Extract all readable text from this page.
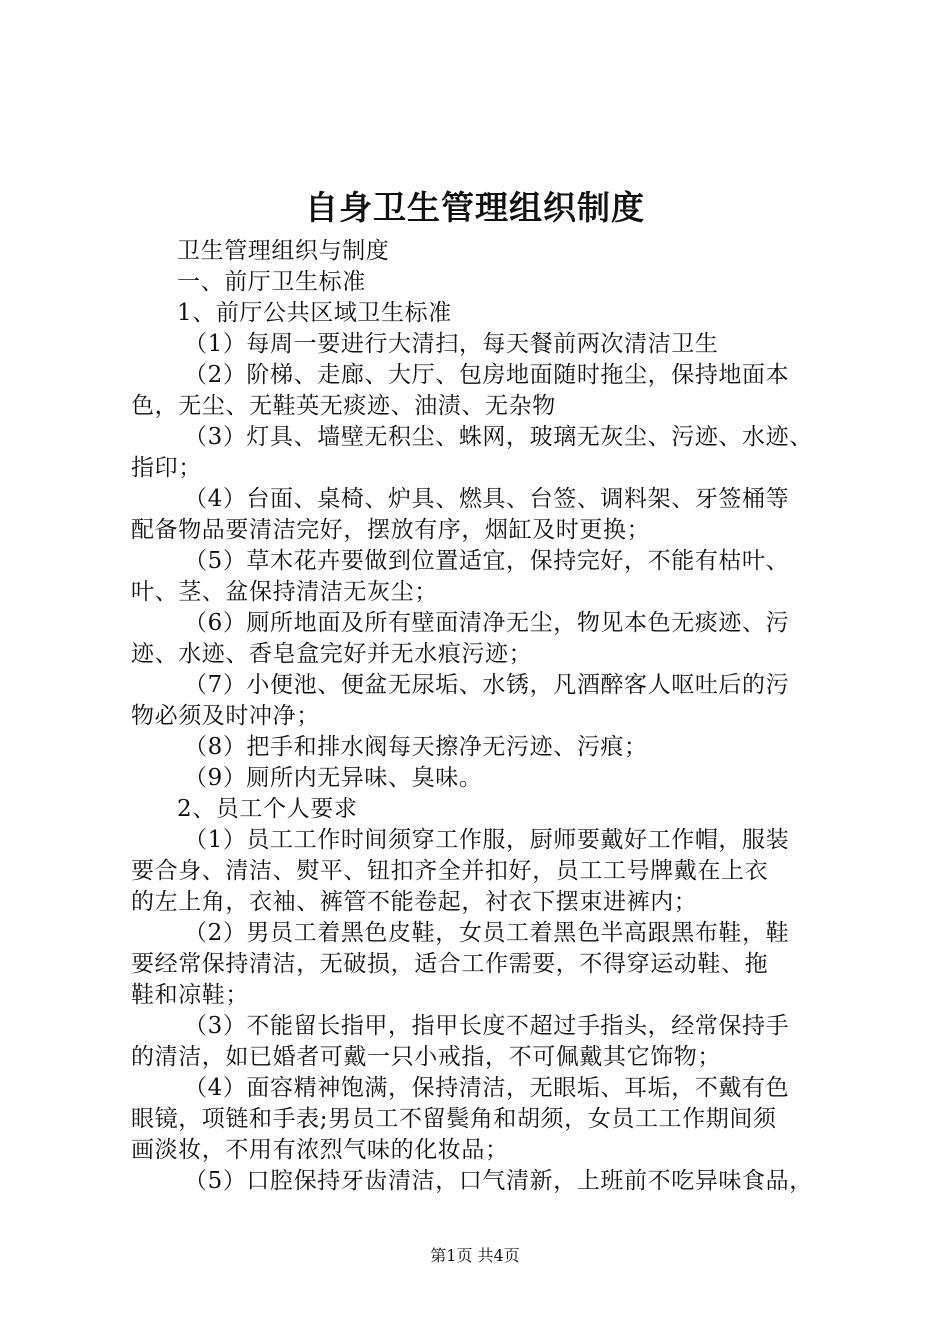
自身卫生管理组织制度
卫生管理组织与制度
一、前厅卫生标准
1、前厅公共区域卫生标准
（1）每周一要进行大清扫，每天餐前两次清洁卫生
（2）阶梯、走廊、大厅、包房地面随时拖尘，保持地面本
色，无尘、无鞋英无痰迹、油渍、无杂物
（3）灯具、墙壁无积尘、蛛网，玻璃无灰尘、污迹、水迹、
指印；
（4）台面、桌椅、炉具、燃具、台签、调料架、牙签桶等
配备物品要清洁完好，摆放有序，烟缸及时更换；
（5）草木花卉要做到位置适宜，保持完好，不能有枯叶、
叶、茎、盆保持清洁无灰尘；
（6）厕所地面及所有壁面清净无尘，物见本色无痰迹、污
迹、水迹、香皂盒完好并无水痕污迹；
（7）小便池、便盆无尿垢、水锈，凡酒醉客人呕吐后的污
物必须及时冲净；
（8）把手和排水阀每天擦净无污迹、污痕；
（9）厕所内无异味、臭味。
2、员工个人要求
（1）员工工作时间须穿工作服，厨师要戴好工作帽，服装
要合身、清洁、熨平、钮扣齐全并扣好，员工工号牌戴在上衣
的左上角，衣袖、裤管不能卷起，衬衣下摆束进裤内；
（2）男员工着黑色皮鞋，女员工着黑色半高跟黑布鞋，鞋
要经常保持清洁，无破损，适合工作需要，不得穿运动鞋、拖
鞋和凉鞋；
（3）不能留长指甲，指甲长度不超过手指头，经常保持手
的清洁，如已婚者可戴一只小戒指，不可佩戴其它饰物；
（4）面容精神饱满，保持清洁，无眼垢、耳垢，不戴有色
眼镜，项链和手表;男员工不留鬓角和胡须，女员工工作期间须
画淡妆，不用有浓烈气味的化妆品；
（5）口腔保持牙齿清洁，口气清新，上班前不吃异味食品，
第1页 共4页
